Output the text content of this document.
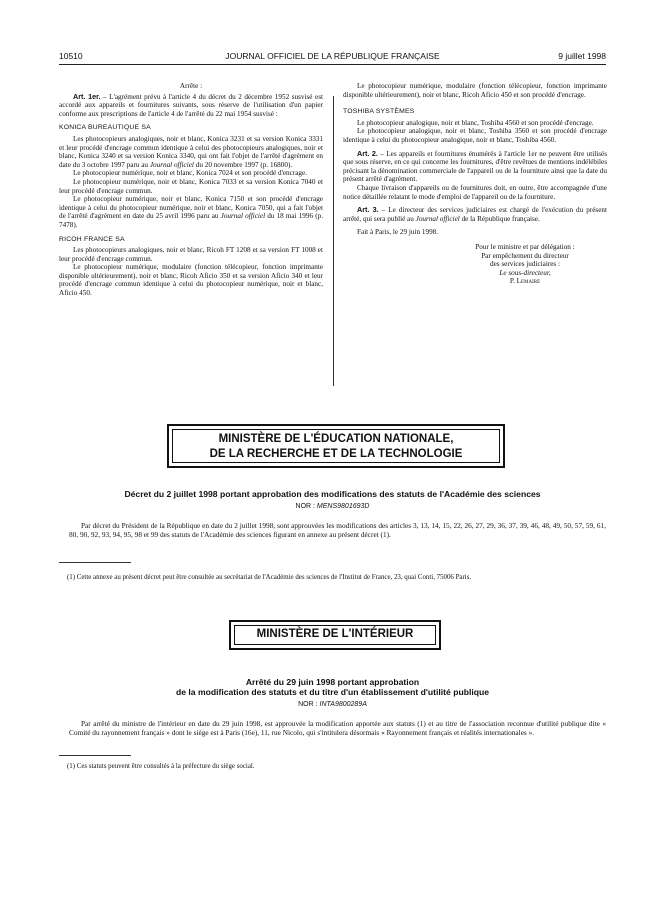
10510	JOURNAL OFFICIEL DE LA RÉPUBLIQUE FRANÇAISE	9 juillet 1998

Arrête :

Art. 1er. – L'agrément prévu à l'article 4 du décret du 2 décembre 1952 susvisé est accordé aux appareils et fournitures suivants, sous réserve de l'utilisation d'un papier conforme aux prescriptions de l'article 4 de l'arrêté du 22 mai 1954 susvisé :

KONICA BUREAUTIQUE SA

Les photocopieurs analogiques, noir et blanc, Konica 3231 et sa version Konica 3331 et leur procédé d'encrage commun identique à celui des photocopieurs analogiques, noir et blanc, Konica 3240 et sa version Konica 3340, qui ont fait l'objet de l'arrêté d'agrément en date du 3 octobre 1997 paru au Journal officiel du 20 novembre 1997 (p. 16800).

Le photocopieur numérique, noir et blanc, Konica 7024 et son procédé d'encrage.

Le photocopieur numérique, noir et blanc, Konica 7033 et sa version Konica 7040 et leur procédé d'encrage commun.

Le photocopieur numérique, noir et blanc, Konica 7150 et son procédé d'encrage identique à celui du photocopieur numérique, noir et blanc, Konica 7050, qui a fait l'objet de l'arrêté d'agrément en date du 25 avril 1996 paru au Journal officiel du 18 mai 1996 (p. 7478).

RICOH FRANCE SA

Les photocopieurs analogiques, noir et blanc, Ricoh FT 1208 et sa version FT 1008 et leur procédé d'encrage commun.

Le photocopieur numérique, modulaire (fonction télécopieur, fonction imprimante disponible ultérieurement), noir et blanc, Ricoh Aficio 350 et sa version Aficio 340 et leur procédé d'encrage commun identique à celui du photocopieur numérique, noir et blanc, Aficio 450.

Le photocopieur numérique, modulaire (fonction télécopieur, fonction imprimante disponible ultérieurement), noir et blanc, Ricoh Aficio 450 et son procédé d'encrage.

TOSHIBA SYSTÈMES

Le photocopieur analogique, noir et blanc, Toshiba 4560 et son procédé d'encrage.

Le photocopieur analogique, noir et blanc, Toshiba 3560 et son procédé d'encrage identique à celui du photocopieur analogique, noir et blanc, Toshiba 4560.

Art. 2. – Les appareils et fournitures énumérés à l'article 1er ne peuvent être utilisés que sous réserve, en ce qui concerne les fournitures, d'être revêtues de mentions indélébiles précisant la dénomination commerciale de l'appareil ou de la fourniture ainsi que la date du présent arrêté d'agrément.

Chaque livraison d'appareils ou de fournitures doit, en outre, être accompagnée d'une notice détaillée relatant le mode d'emploi de l'appareil ou de la fourniture.

Art. 3. – Le directeur des services judiciaires est chargé de l'exécution du présent arrêté, qui sera publié au Journal officiel de la République française.

Fait à Paris, le 29 juin 1998.

Pour le ministre et par délégation :
Par empêchement du directeur
des services judiciaires :
Le sous-directeur,
P. Lemaire
MINISTÈRE DE L'ÉDUCATION NATIONALE,
DE LA RECHERCHE ET DE LA TECHNOLOGIE
Décret du 2 juillet 1998 portant approbation des modifications des statuts de l'Académie des sciences
NOR : MENS9801693D

Par décret du Président de la République en date du 2 juillet 1998, sont approuvées les modifications des articles 3, 13, 14, 15, 22, 26, 27, 29, 36, 37, 39, 46, 48, 49, 50, 57, 59, 61, 80, 90, 92, 93, 94, 95, 98 et 99 des statuts de l'Académie des sciences figurant en annexe au présent décret (1).

(1) Cette annexe au présent décret peut être consultée au secrétariat de l'Académie des sciences de l'Institut de France, 23, quai Conti, 75006 Paris.

MINISTÈRE DE L'INTÉRIEUR
Arrêté du 29 juin 1998 portant approbation
de la modification des statuts et du titre d'un établissement d'utilité publique
NOR : INTA9800289A

Par arrêté du ministre de l'intérieur en date du 29 juin 1998, est approuvée la modification apportée aux statuts (1) et au titre de l'association reconnue d'utilité publique dite « Comité du rayonnement français » dont le siège est à Paris (16e), 11, rue Nicolo, qui s'intitulera désormais « Rayonnement français et réalités internationales ».

(1) Ces statuts peuvent être consultés à la préfecture du siège social.
